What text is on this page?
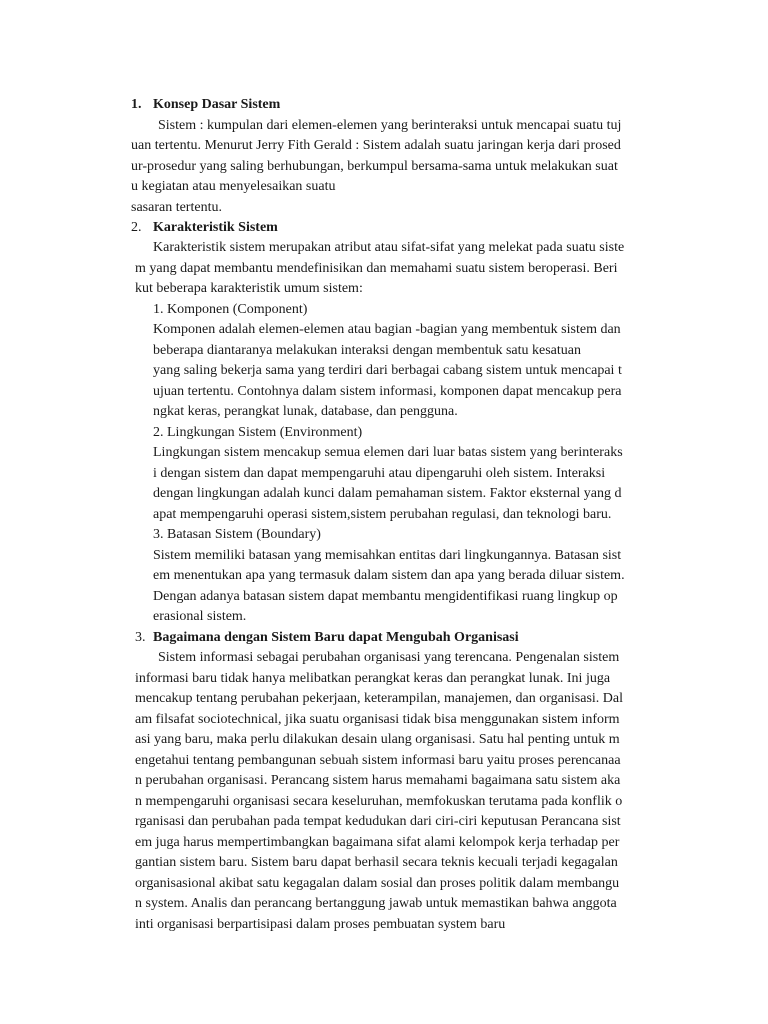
1. Konsep Dasar Sistem
Sistem : kumpulan dari elemen-elemen yang berinteraksi untuk mencapai suatu tuj
uan tertentu. Menurut Jerry Fith Gerald : Sistem adalah suatu jaringan kerja dari prosed
ur-prosedur yang saling berhubungan, berkumpul bersama-sama untuk melakukan suat
u kegiatan atau menyelesaikan suatu
sasaran tertentu.
2. Karakteristik Sistem
Karakteristik sistem merupakan atribut atau sifat-sifat yang melekat pada suatu siste
m yang dapat membantu mendefinisikan dan memahami suatu sistem beroperasi. Beri
kut beberapa karakteristik umum sistem:
1. Komponen (Component)
Komponen adalah elemen-elemen atau bagian -bagian yang membentuk sistem dan
beberapa diantaranya melakukan interaksi dengan membentuk satu kesatuan
yang saling bekerja sama yang terdiri dari berbagai cabang sistem untuk mencapai t
ujuan tertentu. Contohnya dalam sistem informasi, komponen dapat mencakup pera
ngkat keras, perangkat lunak, database, dan pengguna.
2. Lingkungan Sistem (Environment)
Lingkungan sistem mencakup semua elemen dari luar batas sistem yang berinteraks
i dengan sistem dan dapat mempengaruhi atau dipengaruhi oleh sistem. Interaksi
dengan lingkungan adalah kunci dalam pemahaman sistem. Faktor eksternal yang d
apat mempengaruhi operasi sistem,sistem perubahan regulasi, dan teknologi baru.
3. Batasan Sistem (Boundary)
Sistem memiliki batasan yang memisahkan entitas dari lingkungannya. Batasan sist
em menentukan apa yang termasuk dalam sistem dan apa yang berada diluar sistem.
Dengan adanya batasan sistem dapat membantu mengidentifikasi ruang lingkup op
erasional sistem.
3. Bagaimana dengan Sistem Baru dapat Mengubah Organisasi
Sistem informasi sebagai perubahan organisasi yang terencana. Pengenalan sistem
informasi baru tidak hanya melibatkan perangkat keras dan perangkat lunak. Ini juga
mencakup tentang perubahan pekerjaan, keterampilan, manajemen, dan organisasi. Dal
am filsafat sociotechnical, jika suatu organisasi tidak bisa menggunakan sistem inform
asi yang baru, maka perlu dilakukan desain ulang organisasi. Satu hal penting untuk m
engetahui tentang pembangunan sebuah sistem informasi baru yaitu proses perencanaa
n perubahan organisasi. Perancang sistem harus memahami bagaimana satu sistem aka
n mempengaruhi organisasi secara keseluruhan, memfokuskan terutama pada konflik o
rganisasi dan perubahan pada tempat kedudukan dari ciri-ciri keputusan Perancana sist
em juga harus mempertimbangkan bagaimana sifat alami kelompok kerja terhadap per
gantian sistem baru. Sistem baru dapat berhasil secara teknis kecuali terjadi kegagalan
organisasional akibat satu kegagalan dalam sosial dan proses politik dalam membangu
n system. Analis dan perancang bertanggung jawab untuk memastikan bahwa anggota
inti organisasi berpartisipasi dalam proses pembuatan system baru
